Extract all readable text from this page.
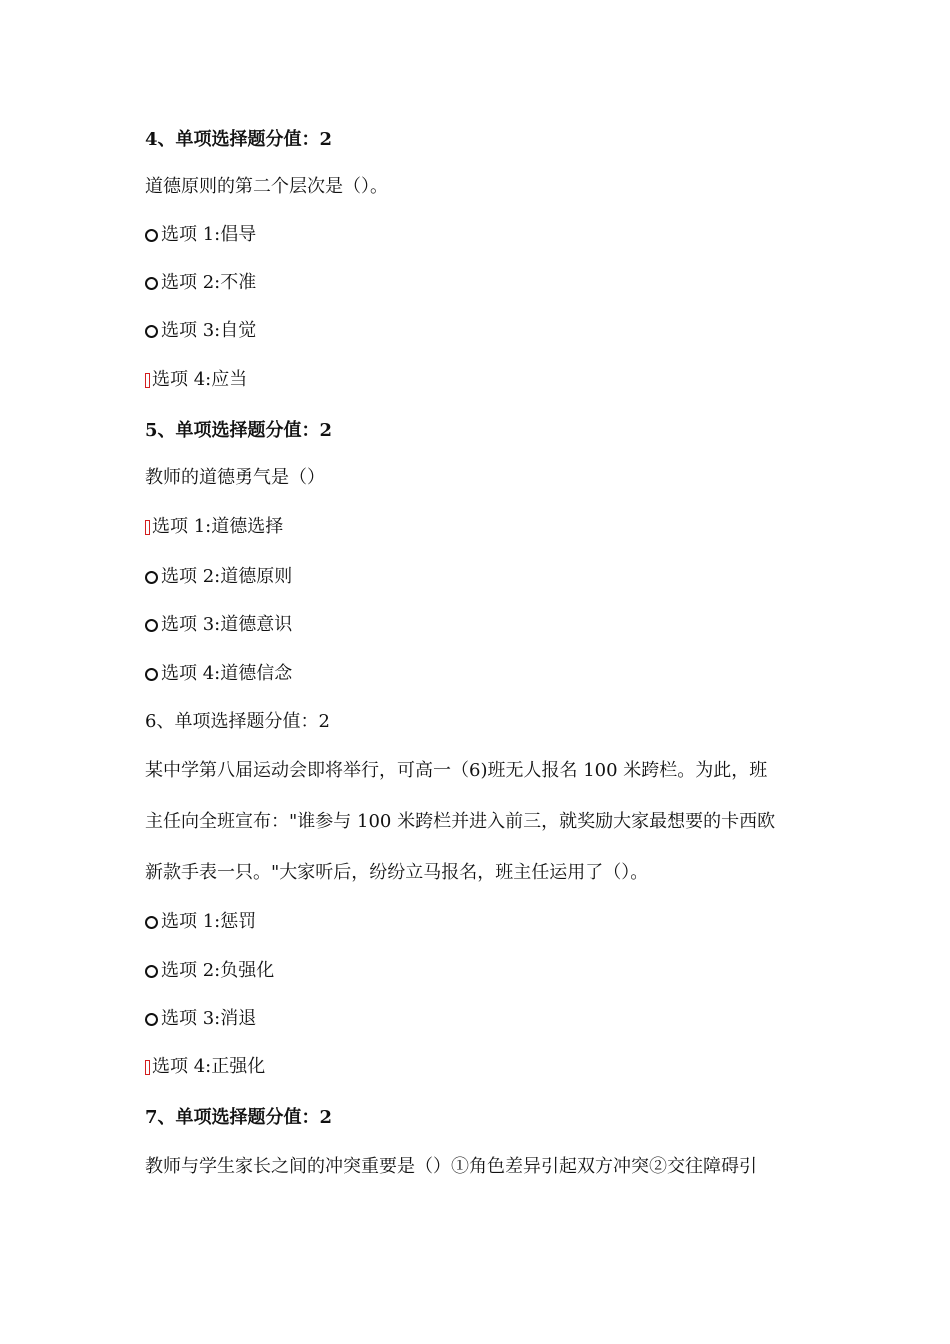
4、单项选择题分值：2
道德原则的第二个层次是（）。
选项 1:倡导
选项 2:不准
选项 3:自觉
选项 4:应当
5、单项选择题分值：2
教师的道德勇气是（）
选项 1:道德选择
选项 2:道德原则
选项 3:道德意识
选项 4:道德信念
6、单项选择题分值：2
某中学第八届运动会即将举行，可高一（6)班无人报名 100 米跨栏。为此，班
主任向全班宣布："谁参与 100 米跨栏并进入前三，就奖励大家最想要的卡西欧
新款手表一只。"大家听后，纷纷立马报名，班主任运用了（）。
选项 1:惩罚
选项 2:负强化
选项 3:消退
选项 4:正强化
7、单项选择题分值：2
教师与学生家长之间的冲突重要是（）①角色差异引起双方冲突②交往障碍引
